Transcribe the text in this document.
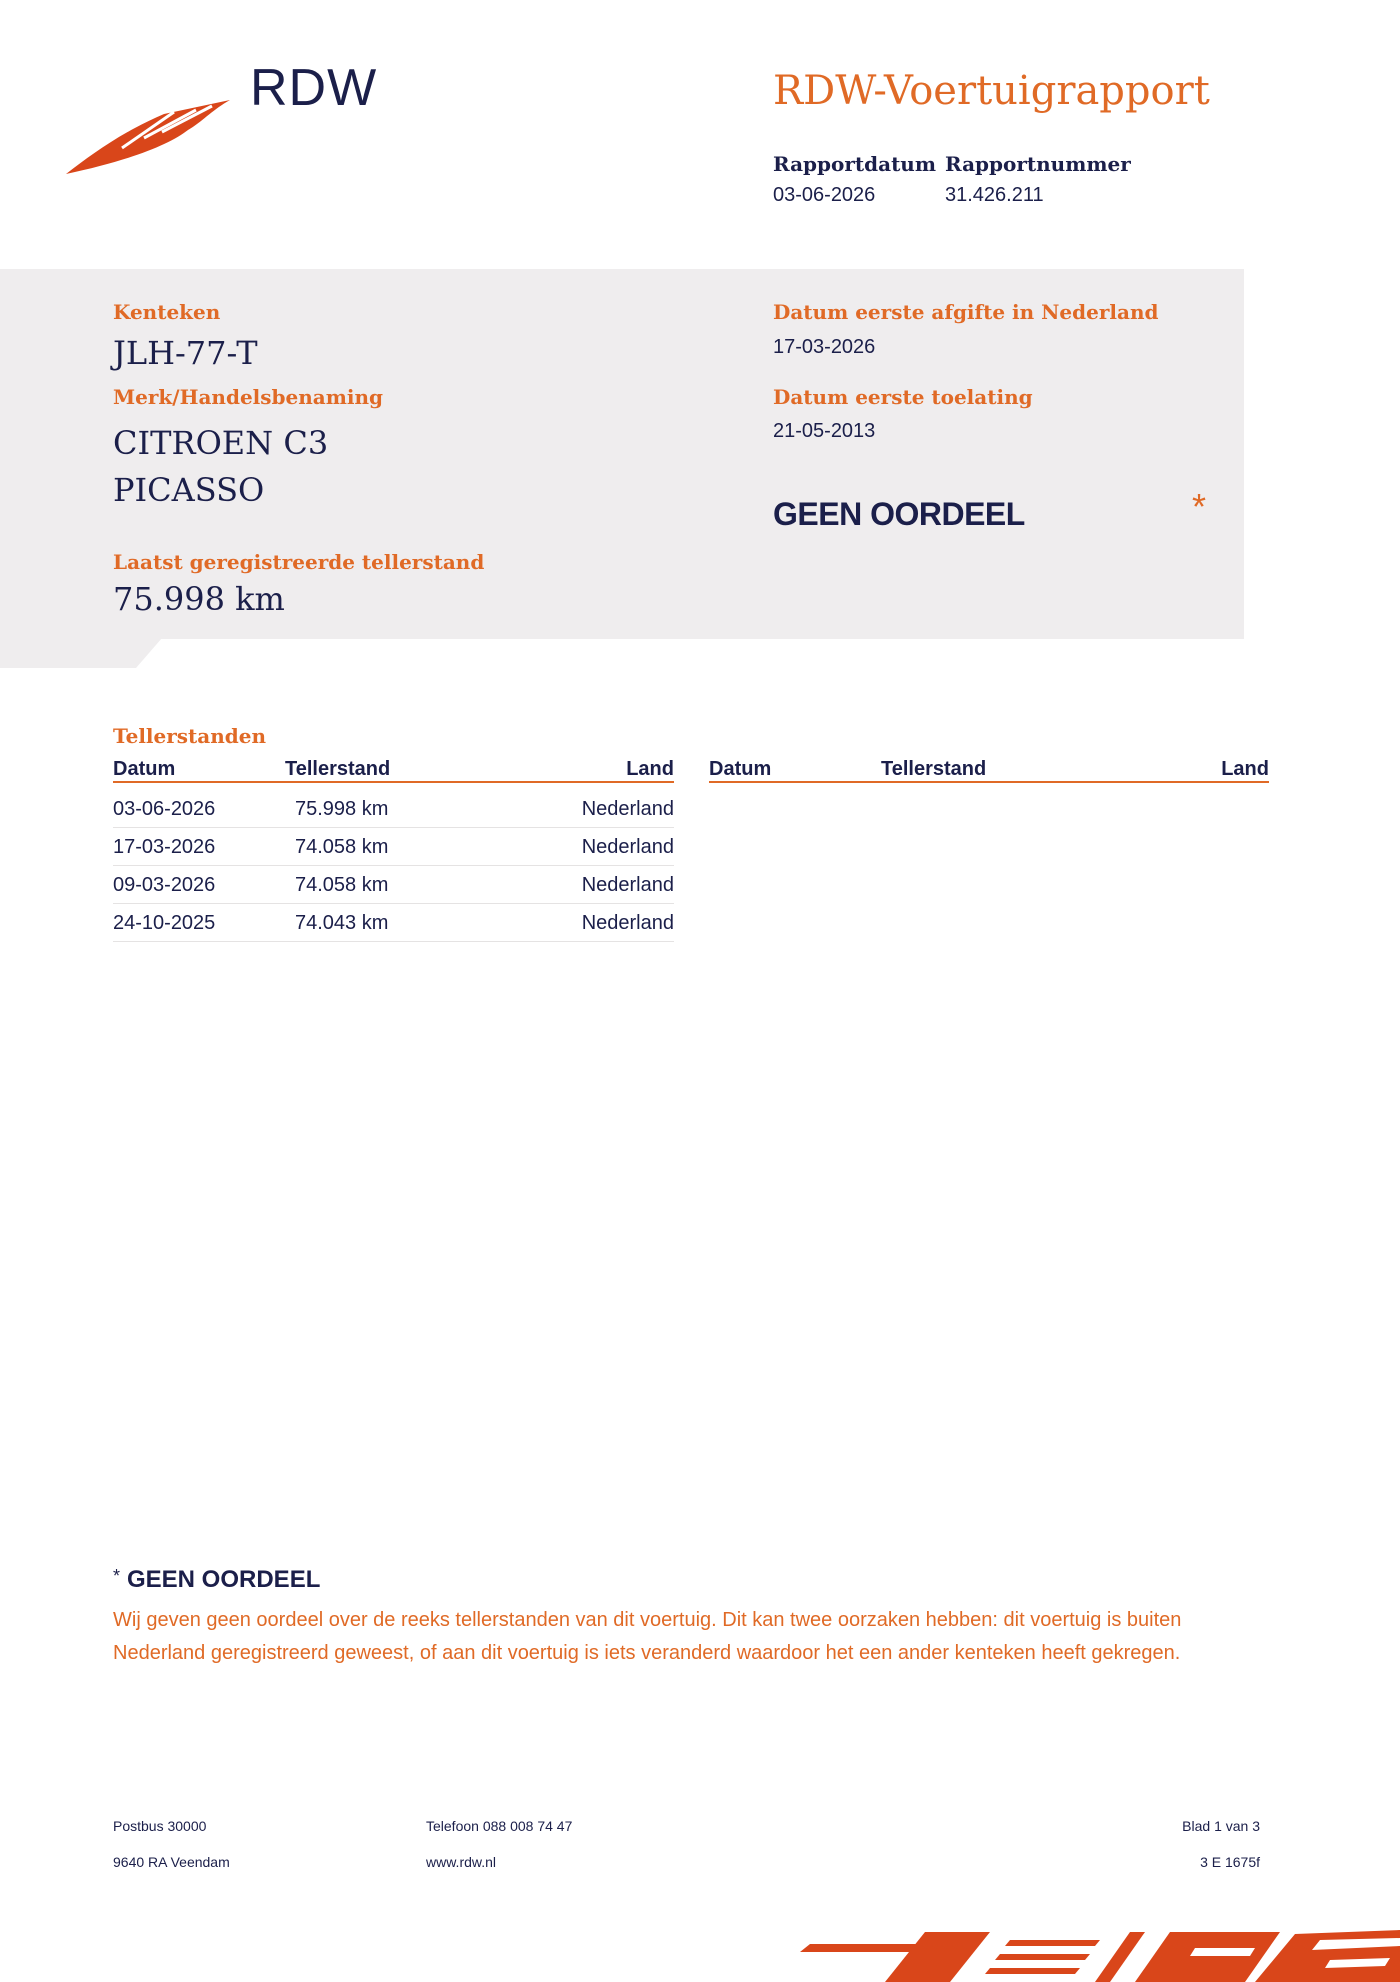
RDW	RDW-Voertuigrapport
Rapportdatum
03-06-2026
Rapportnummer
31.426.211
Kenteken
JLH-77-T
Merk/Handelsbenaming
CITROEN C3
PICASSO
Laatst geregistreerde tellerstand
75.998 km
Datum eerste afgifte in Nederland
17-03-2026
Datum eerste toelating
21-05-2013
GEEN OORDEEL	*
Tellerstanden
Datum	Tellerstand	Land Datum	Tellerstand	Land
03-06-2026	75.998 km	Nederland
17-03-2026	74.058 km	Nederland
09-03-2026	74.058 km	Nederland
24-10-2025	74.043 km	Nederland
* GEEN OORDEEL
Wij geven geen oordeel over de reeks tellerstanden van dit voertuig. Dit kan twee oorzaken hebben: dit voertuig is buiten Nederland geregistreerd geweest, of aan dit voertuig is iets veranderd waardoor het een ander kenteken heeft gekregen.
Postbus 30000
9640 RA Veendam
Telefoon 088 008 74 47
www.rdw.nl
Blad 1 van 3
3 E 1675f
